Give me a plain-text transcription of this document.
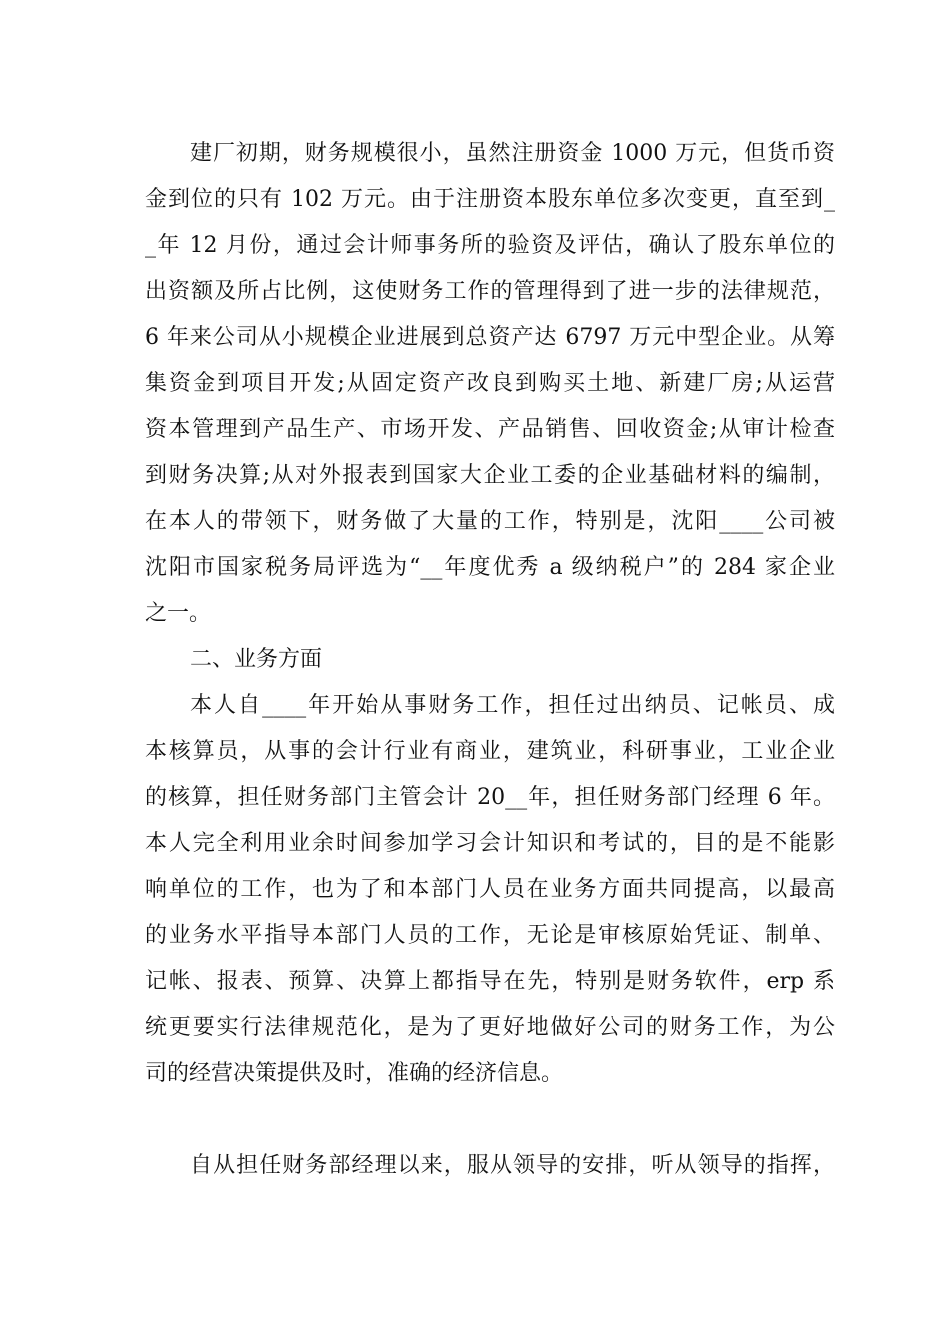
建厂初期，财务规模很小，虽然注册资金 1000 万元，但货币资
金到位的只有 102 万元。由于注册资本股东单位多次变更，直至到_
_年 12 月份，通过会计师事务所的验资及评估，确认了股东单位的
出资额及所占比例，这使财务工作的管理得到了进一步的法律规范，
6 年来公司从小规模企业进展到总资产达 6797 万元中型企业。从筹
集资金到项目开发;从固定资产改良到购买土地、新建厂房;从运营
资本管理到产品生产、市场开发、产品销售、回收资金;从审计检查
到财务决算;从对外报表到国家大企业工委的企业基础材料的编制，
在本人的带领下，财务做了大量的工作，特别是，沈阳____公司被
沈阳市国家税务局评选为“__年度优秀 a 级纳税户”的 284 家企业
之一。
二、业务方面
本人自____年开始从事财务工作，担任过出纳员、记帐员、成
本核算员，从事的会计行业有商业，建筑业，科研事业，工业企业
的核算，担任财务部门主管会计 20__年，担任财务部门经理 6 年。
本人完全利用业余时间参加学习会计知识和考试的，目的是不能影
响单位的工作，也为了和本部门人员在业务方面共同提高，以最高
的业务水平指导本部门人员的工作，无论是审核原始凭证、制单、
记帐、报表、预算、决算上都指导在先，特别是财务软件，erp 系
统更要实行法律规范化，是为了更好地做好公司的财务工作，为公
司的经营决策提供及时，准确的经济信息。
自从担任财务部经理以来，服从领导的安排，听从领导的指挥，
